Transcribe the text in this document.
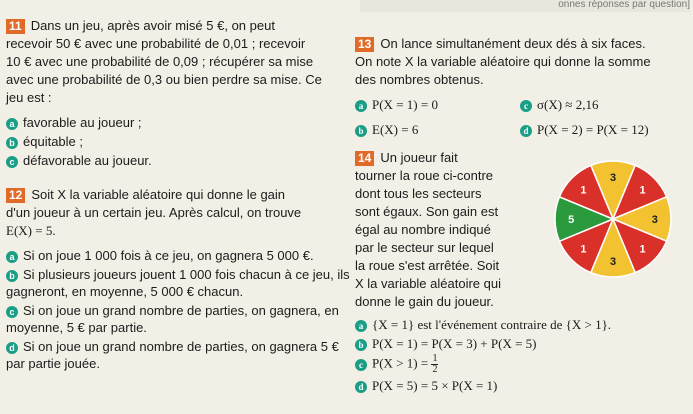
onnes réponses par question]
11 Dans un jeu, après avoir misé 5 €, on peut
recevoir 50 € avec une probabilité de 0,01 ; recevoir
10 € avec une probabilité de 0,09 ; récupérer sa mise
avec une probabilité de 0,3 ou bien perdre sa mise. Ce
jeu est :
a favorable au joueur ;
b équitable ;
c défavorable au joueur.
12 Soit X la variable aléatoire qui donne le gain
d'un joueur à un certain jeu. Après calcul, on trouve
E(X) = 5.
a Si on joue 1 000 fois à ce jeu, on gagnera 5 000 €.
b Si plusieurs joueurs jouent 1 000 fois chacun à ce jeu, ils gagneront, en moyenne, 5 000 € chacun.
c Si on joue un grand nombre de parties, on gagnera, en moyenne, 5 € par partie.
d Si on joue un grand nombre de parties, on gagnera 5 € par partie jouée.
13 On lance simultanément deux dés à six faces.
On note X la variable aléatoire qui donne la somme
des nombres obtenus.
a P(X = 1) = 0	c σ(X) ≈ 2,16
b E(X) = 6	d P(X = 2) = P(X = 12)
14 Un joueur fait
tourner la roue ci-contre
dont tous les secteurs
sont égaux. Son gain est
égal au nombre indiqué
par le secteur sur lequel
la roue s'est arrêtée. Soit
X la variable aléatoire qui
donne le gain du joueur.
a {X = 1} est l'événement contraire de {X > 1}.
b P(X = 1) = P(X = 3) + P(X = 5)
c $P(X > 1) = \frac{1}{2}$
d P(X = 5) = 5 × P(X = 1)
3
1
3
1
3
1
5
1
